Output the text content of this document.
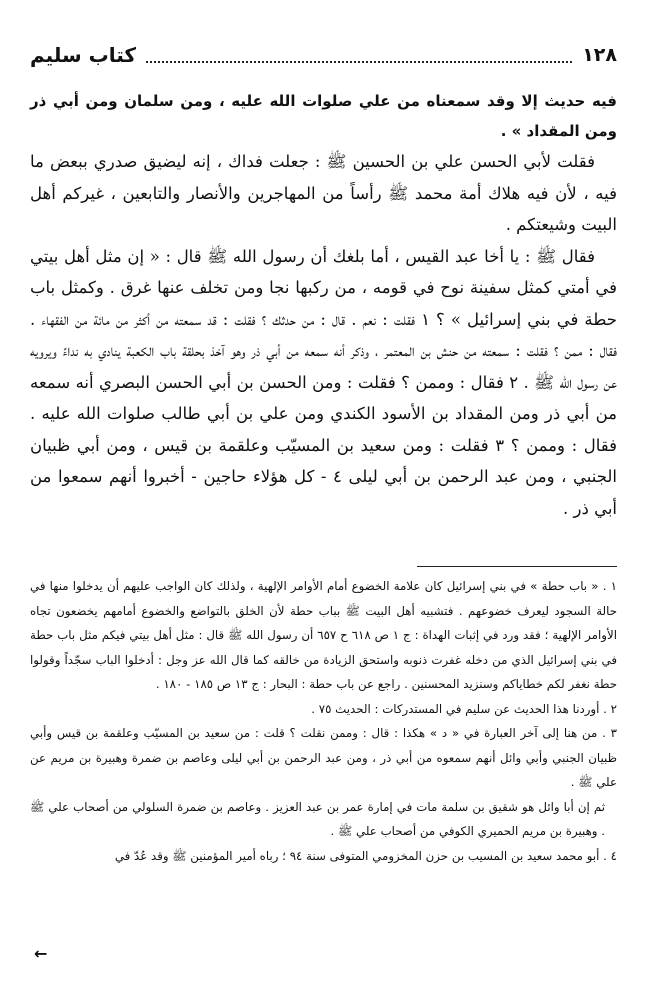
كتاب سليم	١٢٨

فيه حديث إلا وقد سمعناه من علي صلوات الله عليه ، ومن سلمان ومن أبي ذر ومن المقداد » .

فقلت لأبي الحسن علي بن الحسين ﷺ : جعلت فداك ، إنه ليضيق صدري ببعض ما فيه ، لأن فيه هلاك أمة محمد ﷺ رأساً من المهاجرين والأنصار والتابعين ، غيركم أهل البيت وشيعتكم .

فقال ﷺ : يا أخا عبد القيس ، أما بلغك أن رسول الله ﷺ قال : « إن مثل أهل بيتي في أمتي كمثل سفينة نوح في قومه ، من ركبها نجا ومن تخلف عنها غرق . وكمثل باب حطة في بني إسرائيل » ؟ ١ فقلت : نعم . قال : من حدثك ؟ فقلت : قد سمعته من أكثر من مائة من الفقهاء . فقال : ممن ؟ فقلت : سمعته من حنش بن المعتمر ، وذكر أنه سمعه من أبي ذر وهو آخذ بحلقة باب الكعبة ينادي به نداءً ويرويه عن رسول الله ﷺ . ٢ فقال : وممن ؟ فقلت : ومن الحسن بن أبي الحسن البصري أنه سمعه من أبي ذر ومن المقداد بن الأسود الكندي ومن علي بن أبي طالب صلوات الله عليه . فقال : وممن ؟ ٣ فقلت : ومن سعيد بن المسيّب وعلقمة بن قيس ، ومن أبي ظبيان الجنبي ، ومن عبد الرحمن بن أبي ليلى ٤ - كل هؤلاء حاجين - أخبروا أنهم سمعوا من أبي ذر .

١ . « باب حطة » في بني إسرائيل كان علامة الخضوع أمام الأوامر الإلهية ، ولذلك كان الواجب عليهم أن يدخلوا منها في حالة السجود ليعرف خضوعهم . فتشبيه أهل البيت ﷺ بباب حطة لأن الخلق بالتواضع والخضوع أمامهم يخضعون تجاه الأوامر الإلهية ؛ فقد ورد في إثبات الهداة : ج ١ ص ٦١٨ ح ٦٥٧ أن رسول الله ﷺ قال : مثل أهل بيتي فيكم مثل باب حطة في بني إسرائيل الذي من دخله غفرت ذنوبه واستحق الزيادة من خالقه كما قال الله عز وجل : أدخلوا الباب سجّداً وقولوا حطة نغفر لكم خطاياكم وسنزيد المحسنين . راجع عن باب حطة : البحار : ج ١٣ ص ١٨٥ - ١٨٠ .

٢ . أوردنا هذا الحديث عن سليم في المستدركات : الحديث ٧٥ .

٣ . من هنا إلى آخر العبارة في « د » هكذا : قال : وممن نقلت ؟ قلت : من سعيد بن المسيّب وعلقمة بن قيس وأبي ظبيان الجنبي وأبي وائل أنهم سمعوه من أبي ذر ، ومن عبد الرحمن بن أبي ليلى وعاصم بن ضمرة وهبيرة بن مريم عن علي ﷺ .

ثم إن أبا وائل هو شقيق بن سلمة مات في إمارة عمر بن عبد العزيز . وعاصم بن ضمرة السلولي من أصحاب علي ﷺ . وهبيرة بن مريم الحميري الكوفي من أصحاب علي ﷺ .

٤ . أبو محمد سعيد بن المسيب بن حزن المخزومي المتوفى سنة ٩٤ ؛ رباه أمير المؤمنين ﷺ وقد عُدّ في

←
